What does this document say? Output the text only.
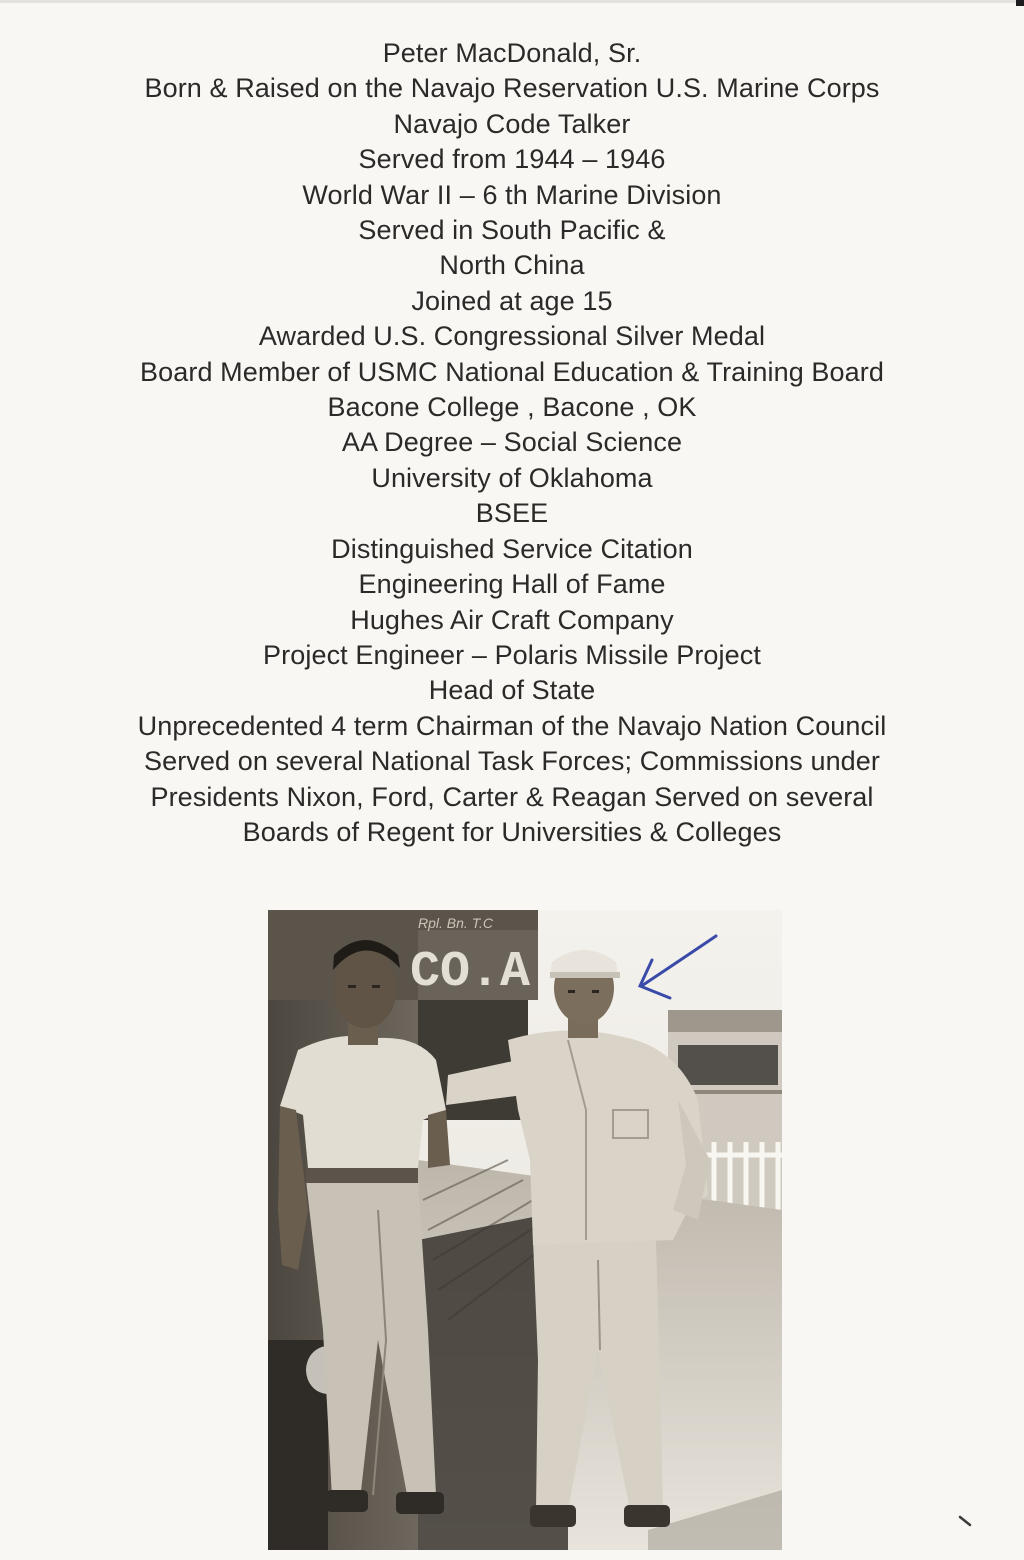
Peter MacDonald, Sr.
Born & Raised on the Navajo Reservation U.S. Marine Corps
Navajo Code Talker
Served from 1944 – 1946
World War II – 6 th Marine Division
Served in South Pacific &
North China
Joined at age 15
Awarded U.S. Congressional Silver Medal
Board Member of USMC National Education & Training Board
Bacone College , Bacone , OK
AA Degree – Social Science
University of Oklahoma
BSEE
Distinguished Service Citation
Engineering Hall of Fame
Hughes Air Craft Company
Project Engineer – Polaris Missile Project
Head of State
Unprecedented 4 term Chairman of the Navajo Nation Council
Served on several National Task Forces; Commissions under
Presidents Nixon, Ford, Carter & Reagan Served on several
Boards of Regent for Universities & Colleges
Rpl. Bn. T.C
CO.A
